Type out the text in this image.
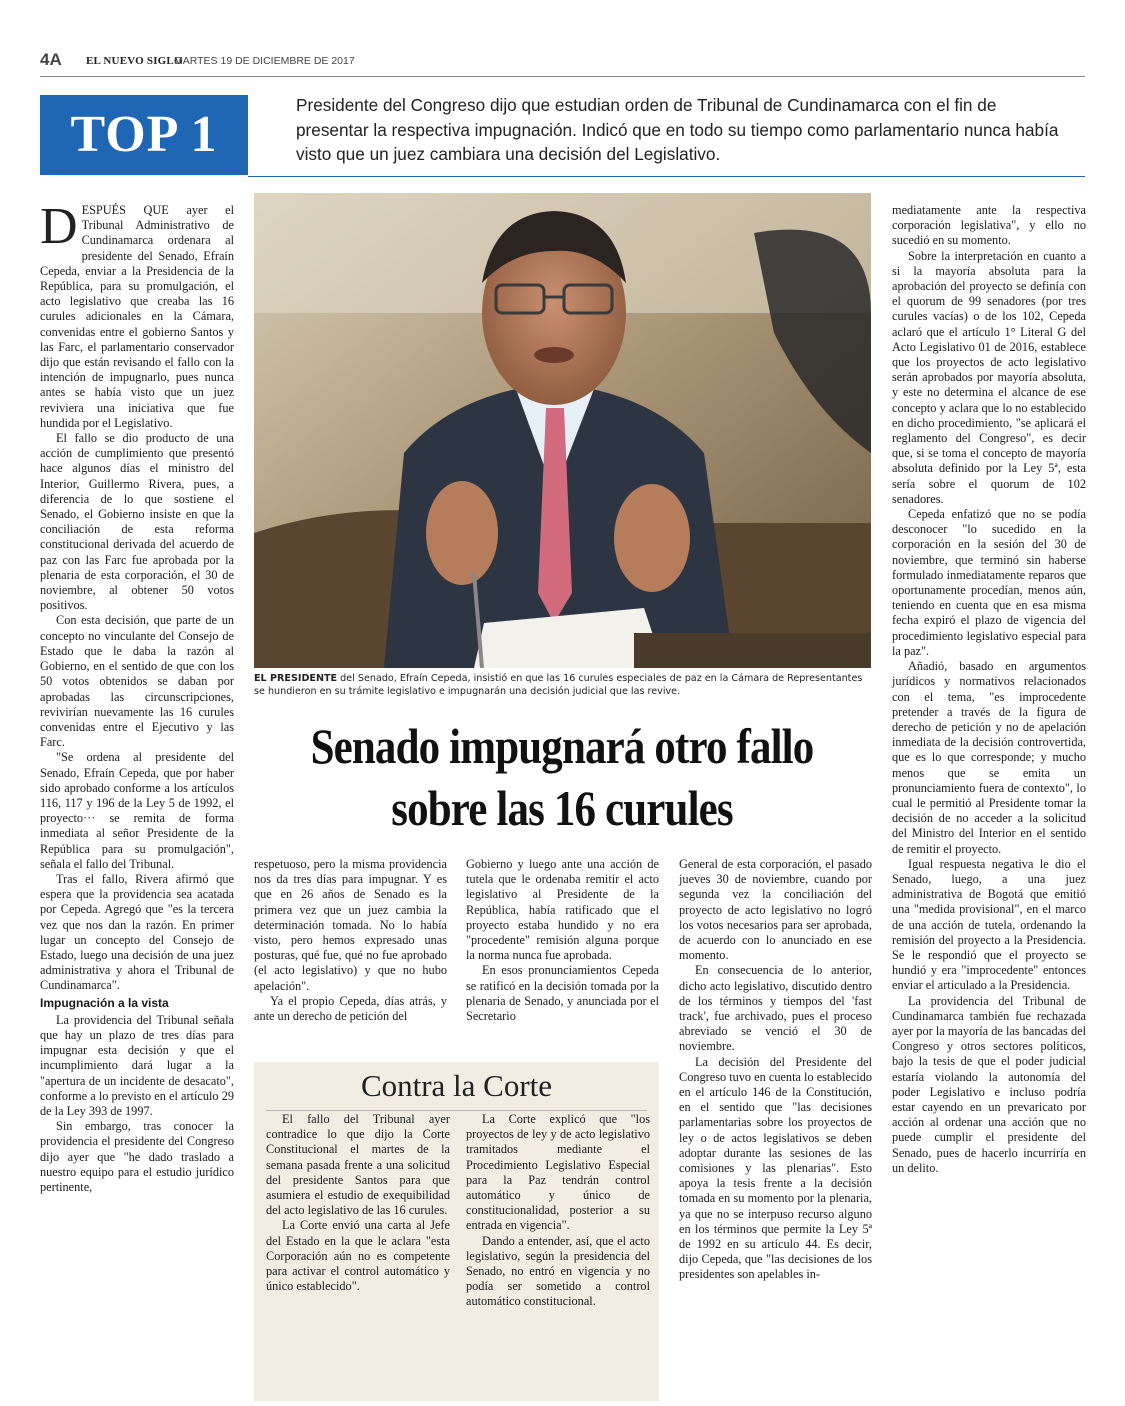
4A EL NUEVO SIGLO
MARTES 19 DE DICIEMBRE DE 2017
TOP 1
Presidente del Congreso dijo que estudian orden de Tribunal de Cundinamarca con el fin de presentar la respectiva impugnación. Indicó que en todo su tiempo como parlamentario nunca había visto que un juez cambiara una decisión del Legislativo.

DESPUÉS QUE ayer el Tribunal Administrativo de Cundinamarca ordenara al presidente del Senado, Efraín Cepeda, enviar a la Presidencia de la República, para su promulgación, el acto legislativo que creaba las 16 curules adicionales en la Cámara, convenidas entre el gobierno Santos y las Farc, el parlamentario conservador dijo que están revisando el fallo con la intención de impugnarlo, pues nunca antes se había visto que un juez reviviera una iniciativa que fue hundida por el Legislativo.

El fallo se dio producto de una acción de cumplimiento que presentó hace algunos días el ministro del Interior, Guillermo Rivera, pues, a diferencia de lo que sostiene el Senado, el Gobierno insiste en que la conciliación de esta reforma constitucional derivada del acuerdo de paz con las Farc fue aprobada por la plenaria de esta corporación, el 30 de noviembre, al obtener 50 votos positivos.

Con esta decisión, que parte de un concepto no vinculante del Consejo de Estado que le daba la razón al Gobierno, en el sentido de que con los 50 votos obtenidos se daban por aprobadas las circunscripciones, revivirían nuevamente las 16 curules convenidas entre el Ejecutivo y las Farc.

"Se ordena al presidente del Senado, Efraín Cepeda, que por haber sido aprobado conforme a los artículos 116, 117 y 196 de la Ley 5 de 1992, el proyecto··· se remita de forma inmediata al señor Presidente de la República para su promulgación", señala el fallo del Tribunal.

Tras el fallo, Rivera afirmó que espera que la providencia sea acatada por Cepeda. Agregó que "es la tercera vez que nos dan la razón. En primer lugar un concepto del Consejo de Estado, luego una decisión de una juez administrativa y ahora el Tribunal de Cundinamarca".

Impugnación a la vista

La providencia del Tribunal señala que hay un plazo de tres días para impugnar esta decisión y que el incumplimiento dará lugar a la "apertura de un incidente de desacato", conforme a lo previsto en el artículo 29 de la Ley 393 de 1997.

Sin embargo, tras conocer la providencia el presidente del Congreso dijo ayer que "he dado traslado a nuestro equipo para el estudio jurídico pertinente,

EL PRESIDENTE del Senado, Efraín Cepeda, insistió en que las 16 curules especiales de paz en la Cámara de Representantes se hundieron en su trámite legislativo e impugnarán una decisión judicial que las revive.
Senado impugnará otro fallo sobre las 16 curules

respetuoso, pero la misma providencia nos da tres días para impugnar. Y es que en 26 años de Senado es la primera vez que un juez cambia la determinación tomada. No lo había visto, pero hemos expresado unas posturas, qué fue, qué no fue aprobado (el acto legislativo) y que no hubo apelación".

Ya el propio Cepeda, días atrás, y ante un derecho de petición del

Gobierno y luego ante una acción de tutela que le ordenaba remitir el acto legislativo al Presidente de la República, había ratificado que el proyecto estaba hundido y no era "procedente" remisión alguna porque la norma nunca fue aprobada.

En esos pronunciamientos Cepeda se ratificó en la decisión tomada por la plenaria de Senado, y anunciada por el Secretario

Contra la Corte

El fallo del Tribunal ayer contradice lo que dijo la Corte Constitucional el martes de la semana pasada frente a una solicitud del presidente Santos para que asumiera el estudio de exequibilidad del acto legislativo de las 16 curules.

La Corte envió una carta al Jefe del Estado en la que le aclara "esta Corporación aún no es competente para activar el control automático y único establecido".

La Corte explicó que "los proyectos de ley y de acto legislativo tramitados mediante el Procedimiento Legislativo Especial para la Paz tendrán control automático y único de constitucionalidad, posterior a su entrada en vigencia".

Dando a entender, así, que el acto legislativo, según la presidencia del Senado, no entró en vigencia y no podía ser sometido a control automático constitucional.

General de esta corporación, el pasado jueves 30 de noviembre, cuando por segunda vez la conciliación del proyecto de acto legislativo no logró los votos necesarios para ser aprobada, de acuerdo con lo anunciado en ese momento.

En consecuencia de lo anterior, dicho acto legislativo, discutido dentro de los términos y tiempos del 'fast track', fue archivado, pues el proceso abreviado se venció el 30 de noviembre.

La decisión del Presidente del Congreso tuvo en cuenta lo establecido en el artículo 146 de la Constitución, en el sentido que "las decisiones parlamentarias sobre los proyectos de ley o de actos legislativos se deben adoptar durante las sesiones de las comisiones y las plenarias". Esto apoya la tesis frente a la decisión tomada en su momento por la plenaria, ya que no se interpuso recurso alguno en los términos que permite la Ley 5ª de 1992 en su artículo 44. Es decir, dijo Cepeda, que "las decisiones de los presidentes son apelables in-

mediatamente ante la respectiva corporación legislativa", y ello no sucedió en su momento.

Sobre la interpretación en cuanto a si la mayoría absoluta para la aprobación del proyecto se definía con el quorum de 99 senadores (por tres curules vacías) o de los 102, Cepeda aclaró que el artículo 1° Literal G del Acto Legislativo 01 de 2016, establece que los proyectos de acto legislativo serán aprobados por mayoría absoluta, y este no determina el alcance de ese concepto y aclara que lo no establecido en dicho procedimiento, "se aplicará el reglamento del Congreso", es decir que, si se toma el concepto de mayoría absoluta definido por la Ley 5ª, esta sería sobre el quorum de 102 senadores.

Cepeda enfatizó que no se podía desconocer "lo sucedido en la corporación en la sesión del 30 de noviembre, que terminó sin haberse formulado inmediatamente reparos que oportunamente procedían, menos aún, teniendo en cuenta que en esa misma fecha expiró el plazo de vigencia del procedimiento legislativo especial para la paz".

Añadió, basado en argumentos jurídicos y normativos relacionados con el tema, "es improcedente pretender a través de la figura de derecho de petición y no de apelación inmediata de la decisión controvertida, que es lo que corresponde; y mucho menos que se emita un pronunciamiento fuera de contexto", lo cual le permitió al Presidente tomar la decisión de no acceder a la solicitud del Ministro del Interior en el sentido de remitir el proyecto.

Igual respuesta negativa le dio el Senado, luego, a una juez administrativa de Bogotá que emitió una "medida provisional", en el marco de una acción de tutela, ordenando la remisión del proyecto a la Presidencia. Se le respondió que el proyecto se hundió y era "improcedente" entonces enviar el articulado a la Presidencia.

La providencia del Tribunal de Cundinamarca también fue rechazada ayer por la mayoría de las bancadas del Congreso y otros sectores políticos, bajo la tesis de que el poder judicial estaría violando la autonomía del poder Legislativo e incluso podría estar cayendo en un prevaricato por acción al ordenar una acción que no puede cumplir el presidente del Senado, pues de hacerlo incurriría en un delito.
